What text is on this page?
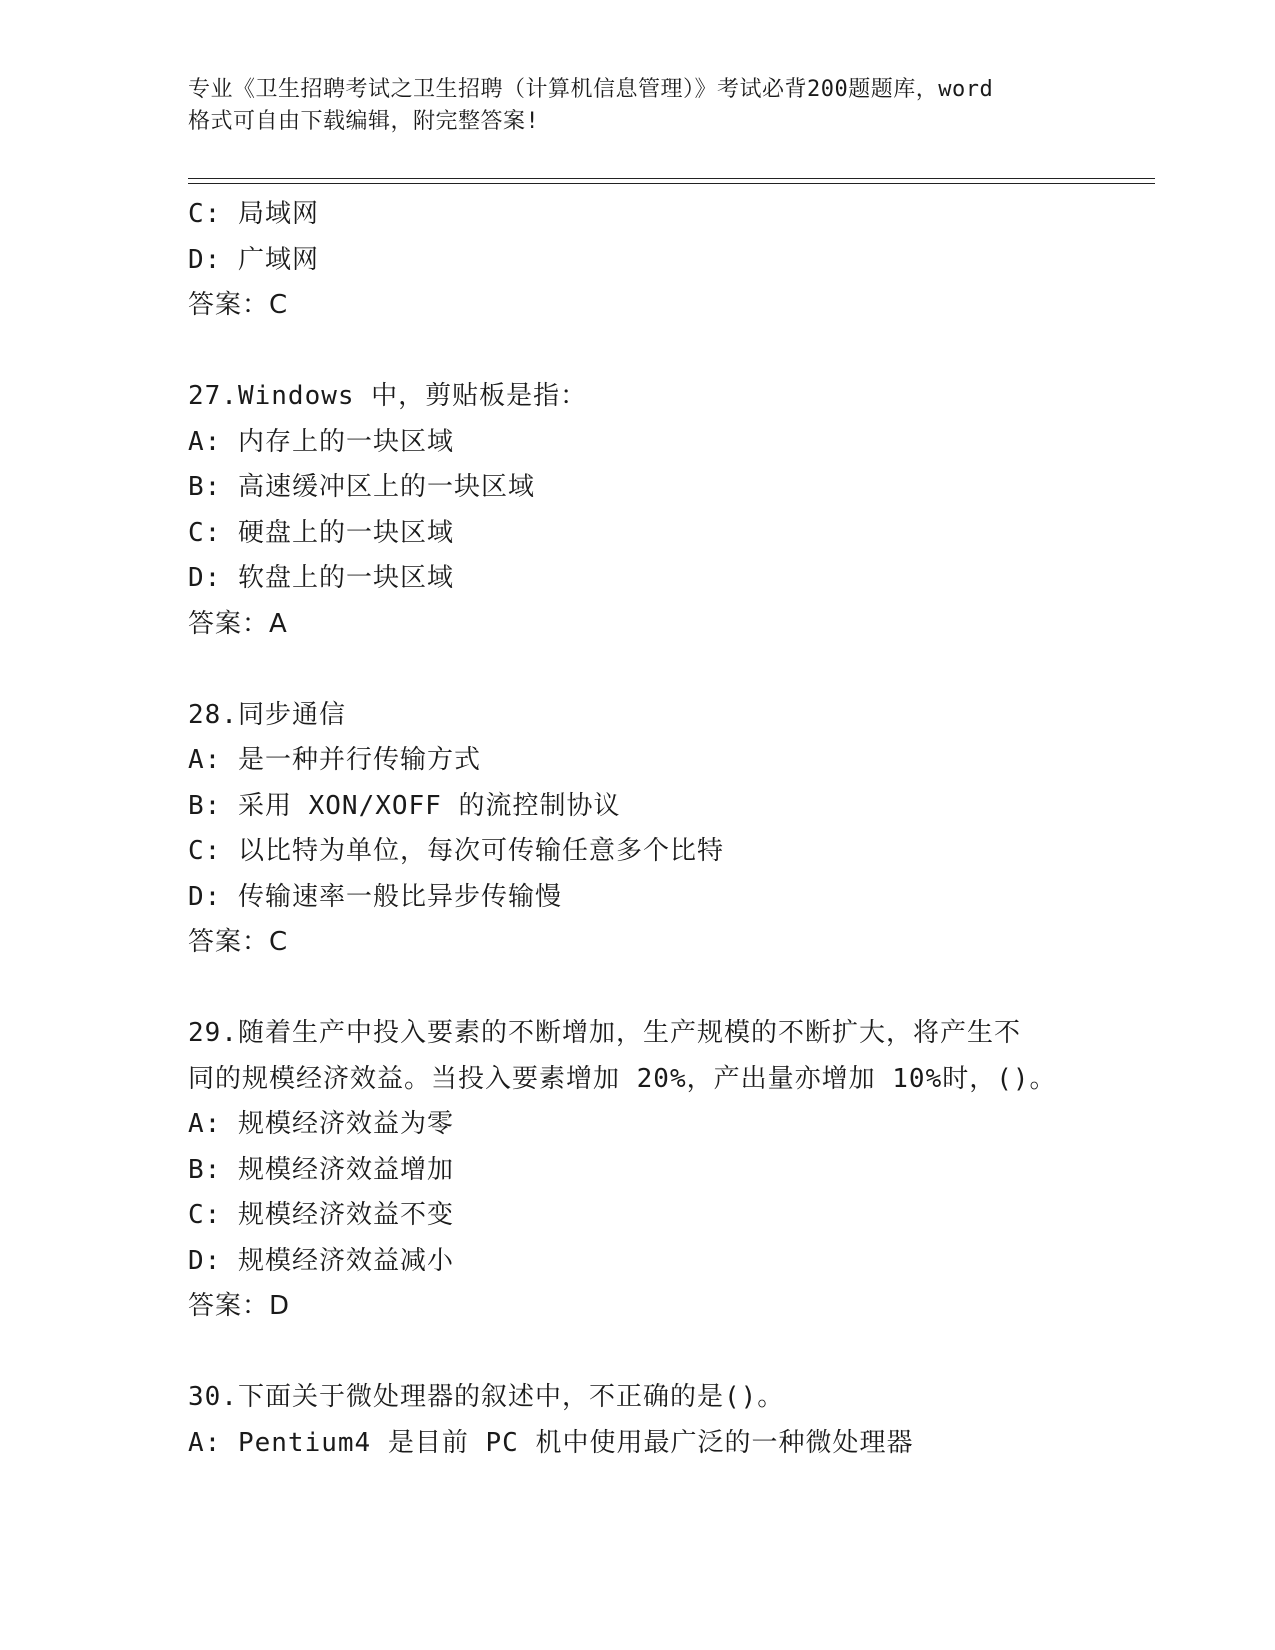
专业《卫生招聘考试之卫生招聘（计算机信息管理）》考试必背200题题库，word
格式可自由下载编辑，附完整答案!
C: 局域网
D: 广域网
答案：C
27.Windows 中，剪贴板是指：
A: 内存上的一块区域
B: 高速缓冲区上的一块区域
C: 硬盘上的一块区域
D: 软盘上的一块区域
答案：A
28.同步通信
A: 是一种并行传输方式
B: 采用 XON/XOFF 的流控制协议
C: 以比特为单位，每次可传输任意多个比特
D: 传输速率一般比异步传输慢
答案：C
29.随着生产中投入要素的不断增加，生产规模的不断扩大，将产生不
同的规模经济效益。当投入要素增加 20%，产出量亦增加 10%时，()。
A: 规模经济效益为零
B: 规模经济效益增加
C: 规模经济效益不变
D: 规模经济效益减小
答案：D
30.下面关于微处理器的叙述中，不正确的是()。
A: Pentium4 是目前 PC 机中使用最广泛的一种微处理器
